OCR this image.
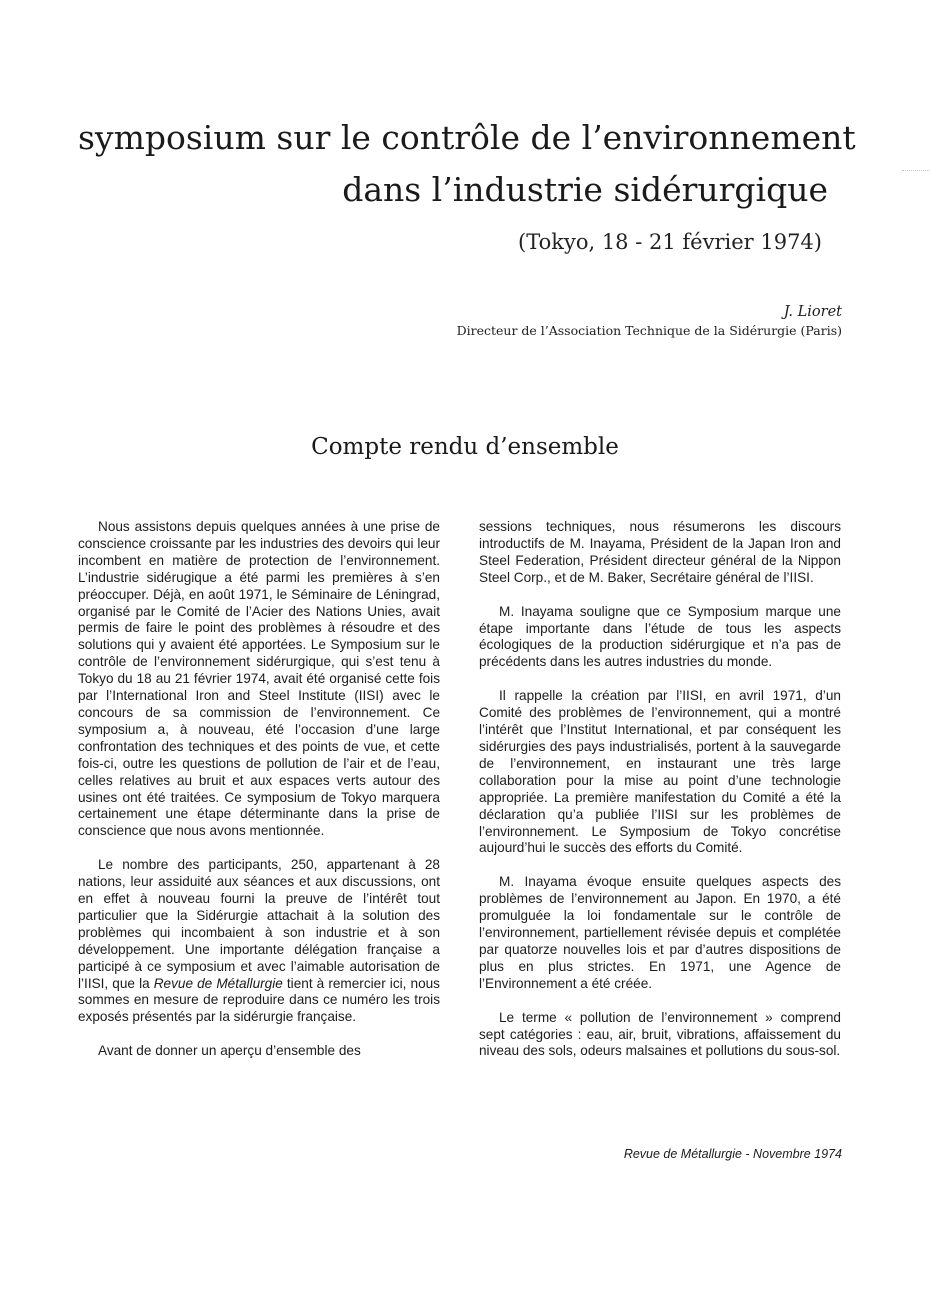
symposium sur le contrôle de l’environnement
dans l’industrie sidérurgique
(Tokyo, 18 - 21 février 1974)
J. Lioret
Directeur de l’Association Technique de la Sidérurgie (Paris)
Compte rendu d’ensemble

Nous assistons depuis quelques années à une prise de conscience croissante par les industries des devoirs qui leur incombent en matière de protection de l’environnement. L’industrie sidérugique a été parmi les premières à s’en préoccuper. Déjà, en août 1971, le Séminaire de Léningrad, organisé par le Comité de l’Acier des Nations Unies, avait permis de faire le point des problèmes à résoudre et des solutions qui y avaient été apportées. Le Symposium sur le contrôle de l’environnement sidérurgique, qui s’est tenu à Tokyo du 18 au 21 février 1974, avait été organisé cette fois par l’International Iron and Steel Institute (IISI) avec le concours de sa commission de l’environnement. Ce symposium a, à nouveau, été l’occasion d’une large confrontation des techniques et des points de vue, et cette fois-ci, outre les questions de pollution de l’air et de l’eau, celles relatives au bruit et aux espaces verts autour des usines ont été traitées. Ce symposium de Tokyo marquera certainement une étape déterminante dans la prise de conscience que nous avons mentionnée.

Le nombre des participants, 250, appartenant à 28 nations, leur assiduité aux séances et aux discussions, ont en effet à nouveau fourni la preuve de l’intérêt tout particulier que la Sidérurgie attachait à la solution des problèmes qui incombaient à son industrie et à son développement. Une importante délégation française a participé à ce symposium et avec l’aimable autorisation de l’IISI, que la Revue de Métallurgie tient à remercier ici, nous sommes en mesure de reproduire dans ce numéro les trois exposés présentés par la sidérurgie française.

Avant de donner un aperçu d’ensemble des

sessions techniques, nous résumerons les discours introductifs de M. Inayama, Président de la Japan Iron and Steel Federation, Président directeur général de la Nippon Steel Corp., et de M. Baker, Secrétaire général de l’IISI.

M. Inayama souligne que ce Symposium marque une étape importante dans l’étude de tous les aspects écologiques de la production sidérurgique et n’a pas de précédents dans les autres industries du monde.

Il rappelle la création par l’IISI, en avril 1971, d’un Comité des problèmes de l’environnement, qui a montré l’intérêt que l’Institut International, et par conséquent les sidérurgies des pays industrialisés, portent à la sauvegarde de l’environnement, en instaurant une très large collaboration pour la mise au point d’une technologie appropriée. La première manifestation du Comité a été la déclaration qu’a publiée l’IISI sur les problèmes de l’environnement. Le Symposium de Tokyo concrétise aujourd’hui le succès des efforts du Comité.

M. Inayama évoque ensuite quelques aspects des problèmes de l’environnement au Japon. En 1970, a été promulguée la loi fondamentale sur le contrôle de l’environnement, partiellement révisée depuis et complétée par quatorze nouvelles lois et par d’autres dispositions de plus en plus strictes. En 1971, une Agence de l’Environnement a été créée.

Le terme « pollution de l’environnement » comprend sept catégories : eau, air, bruit, vibrations, affaissement du niveau des sols, odeurs malsaines et pollutions du sous-sol.

Revue de Métallurgie - Novembre 1974
